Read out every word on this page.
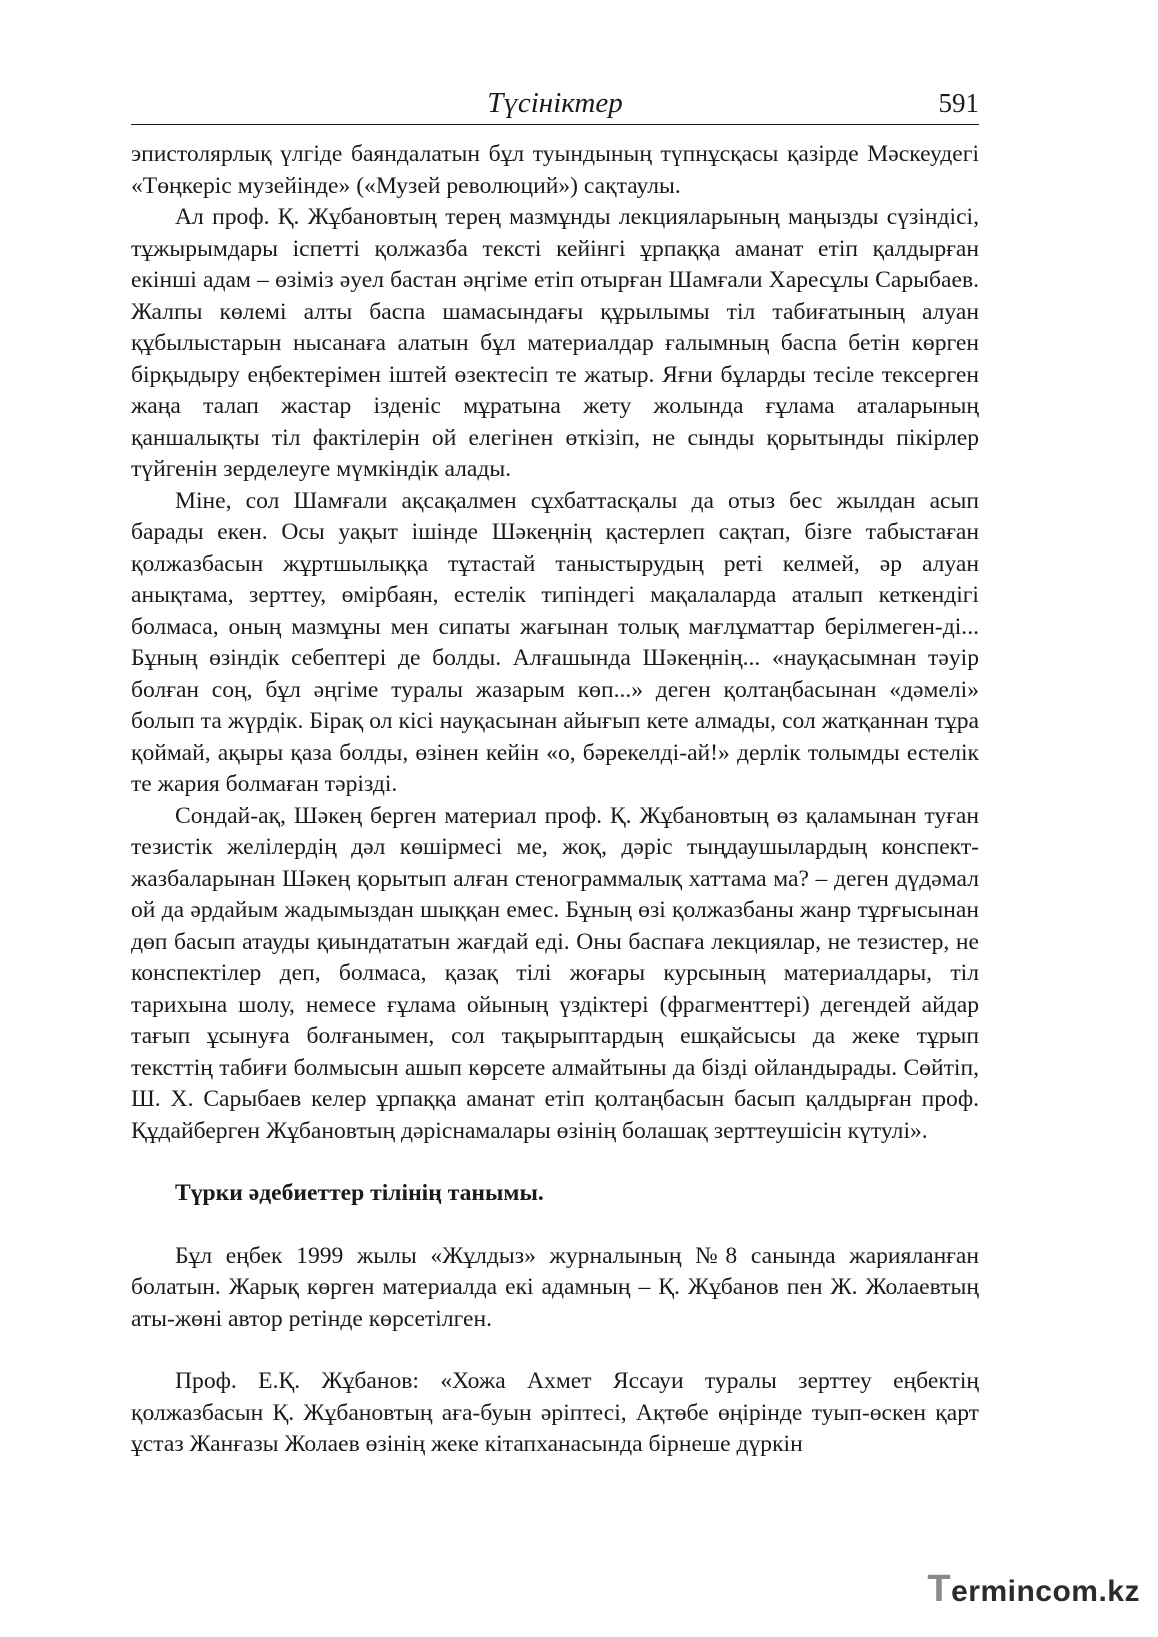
Түсініктер	591

эпистолярлық үлгіде баяндалатын бұл туындының түпнұсқасы қазірде Мәскеудегі «Төңкеріс музейінде» («Музей революций») сақтаулы.

Ал проф. Қ. Жұбановтың терең мазмұнды лекцияларының маңызды сүзіндісі, тұжырымдары іспетті қолжазба тексті кейінгі ұрпаққа аманат етіп қалдырған екінші адам – өзіміз әуел бастан әңгіме етіп отырған Шамғали Харесұлы Сарыбаев. Жалпы көлемі алты баспа шамасындағы құрылымы тіл табиғатының алуан құбылыстарын нысанаға алатын бұл материалдар ғалымның баспа бетін көрген бірқыдыру еңбектерімен іштей өзектесіп те жатыр. Яғни бұларды тесіле тексерген жаңа талап жастар ізденіс мұратына жету жолында ғұлама аталарының қаншалықты тіл фактілерін ой елегінен өткізіп, не сынды қорытынды пікірлер түйгенін зерделеуге мүмкіндік алады.

Міне, сол Шамғали ақсақалмен сұхбаттасқалы да отыз бес жылдан асып барады екен. Осы уақыт ішінде Шәкеңнің қастерлеп сақтап, бізге табыстаған қолжазбасын жұртшылыққа тұтастай таныстырудың реті келмей, әр алуан анықтама, зерттеу, өмірбаян, естелік типіндегі мақалаларда аталып кеткендігі болмаса, оның мазмұны мен сипаты жағынан толық мағлұматтар берілмеген-ді... Бұның өзіндік себептері де болды. Алғашында Шәкеңнің... «науқасымнан тәуір болған соң, бұл әңгіме туралы жазарым көп...» деген қолтаңбасынан «дәмелі» болып та жүрдік. Бірақ ол кісі науқасынан айығып кете алмады, сол жатқаннан тұра қоймай, ақыры қаза болды, өзінен кейін «о, бәрекелді-ай!» дерлік толымды естелік те жария болмаған тәрізді.

Сондай-ақ, Шәкең берген материал проф. Қ. Жұбановтың өз қаламынан туған тезистік желілердің дәл көшірмесі ме, жоқ, дәріс тыңдаушылардың конспект-жазбаларынан Шәкең қорытып алған стенограммалық хаттама ма? – деген дүдәмал ой да әрдайым жадымыздан шыққан емес. Бұның өзі қолжазбаны жанр тұрғысынан дөп басып атауды қиындататын жағдай еді. Оны баспаға лекциялар, не тезистер, не конспектілер деп, болмаса, қазақ тілі жоғары курсының материалдары, тіл тарихына шолу, немесе ғұлама ойының үздіктері (фрагменттері) дегендей айдар тағып ұсынуға болғанымен, сол тақырыптардың ешқайсысы да жеке тұрып тексттің табиғи болмысын ашып көрсете алмайтыны да бізді ойландырады. Сөйтіп, Ш. Х. Сарыбаев келер ұрпаққа аманат етіп қолтаңбасын басып қалдырған проф. Құдайберген Жұбановтың дәріснамалары өзінің болашақ зерттеушісін күтулі».

Түрки әдебиеттер тілінің танымы.

Бұл еңбек 1999 жылы «Жұлдыз» журналының №8 санында жарияланған болатын. Жарық көрген материалда екі адамның – Қ. Жұбанов пен Ж. Жолаевтың аты-жөні автор ретінде көрсетілген.

Проф. Е.Қ. Жұбанов: «Хожа Ахмет Яссауи туралы зерттеу еңбектің қолжазбасын Қ. Жұбановтың аға-буын әріптесі, Ақтөбе өңірінде туып-өскен қарт ұстаз Жанғазы Жолаев өзінің жеке кітапханасында бірнеше дүркін

Termincom.kz
